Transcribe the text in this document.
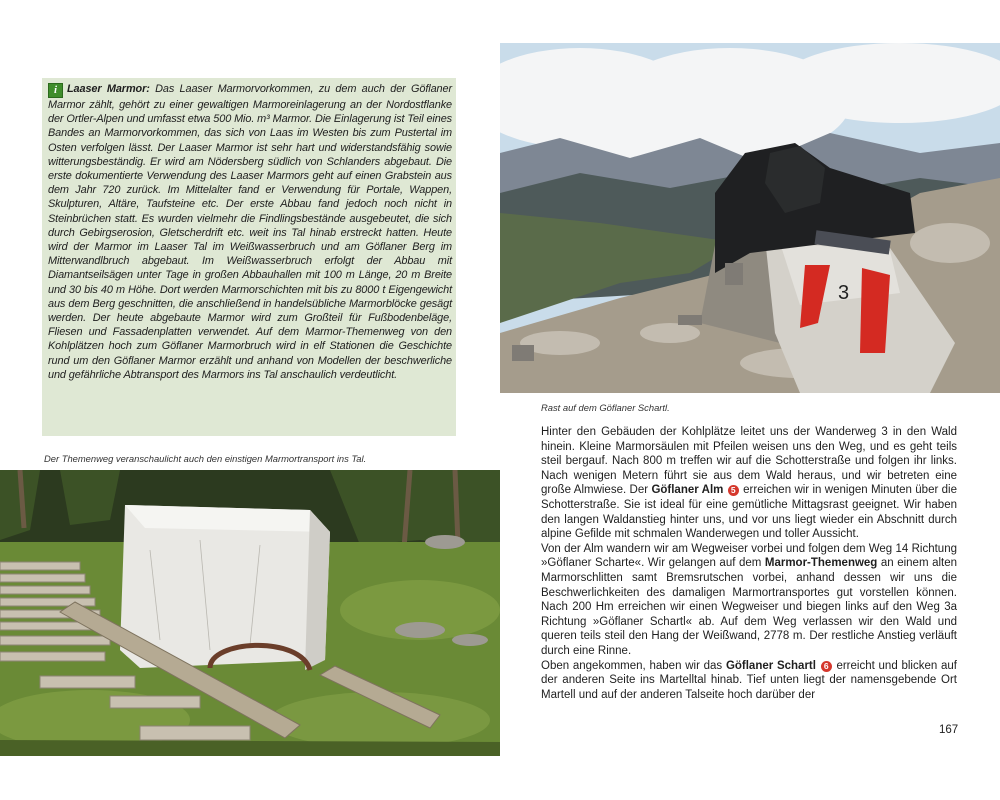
i Laaser Marmor: Das Laaser Marmorvorkommen, zu dem auch der Göflaner Marmor zählt, gehört zu einer gewaltigen Marmoreinlagerung an der Nordostflanke der Ortler-Alpen und umfasst etwa 500 Mio. m³ Marmor. Die Einlagerung ist Teil eines Bandes an Marmorvorkommen, das sich von Laas im Westen bis zum Pustertal im Osten verfolgen lässt. Der Laaser Marmor ist sehr hart und widerstandsfähig sowie witterungsbeständig. Er wird am Nödersberg südlich von Schlanders abgebaut. Die erste dokumentierte Verwendung des Laaser Marmors geht auf einen Grabstein aus dem Jahr 720 zurück. Im Mittelalter fand er Verwendung für Portale, Wappen, Skulpturen, Altäre, Taufsteine etc. Der erste Abbau fand jedoch noch nicht in Steinbrüchen statt. Es wurden vielmehr die Findlingsbestände ausgebeutet, die sich durch Gebirgserosion, Gletscherdrift etc. weit ins Tal hinab erstreckt hatten. Heute wird der Marmor im Laaser Tal im Weißwasserbruch und am Göflaner Berg im Mitterwandlbruch abgebaut. Im Weißwasserbruch erfolgt der Abbau mit Diamantseilsägen unter Tage in großen Abbauhallen mit 100 m Länge, 20 m Breite und 30 bis 40 m Höhe. Dort werden Marmorschichten mit bis zu 8000 t Eigengewicht aus dem Berg geschnitten, die anschließend in handelsübliche Marmorblöcke gesägt werden. Der heute abgebaute Marmor wird zum Großteil für Fußbodenbeläge, Fliesen und Fassadenplatten verwendet. Auf dem Marmor-Themenweg von den Kohlplätzen hoch zum Göflaner Marmorbruch wird in elf Stationen die Geschichte rund um den Göflaner Marmor erzählt und anhand von Modellen der beschwerliche und gefährliche Abtransport des Marmors ins Tal anschaulich verdeutlicht.

Der Themenweg veranschaulicht auch den einstigen Marmortransport ins Tal.
3
Rast auf dem Göflaner Schartl.

Hinter den Gebäuden der Kohlplätze leitet uns der Wanderweg 3 in den Wald hinein. Kleine Marmorsäulen mit Pfeilen weisen uns den Weg, und es geht teils steil bergauf. Nach 800 m treffen wir auf die Schotterstraße und folgen ihr links. Nach wenigen Metern führt sie aus dem Wald heraus, und wir betreten eine große Almwiese. Der Göflaner Alm 5 erreichen wir in wenigen Minuten über die Schotterstraße. Sie ist ideal für eine gemütliche Mittagsrast geeignet. Wir haben den langen Waldanstieg hinter uns, und vor uns liegt wieder ein Abschnitt durch alpine Gefilde mit schmalen Wanderwegen und toller Aussicht.

Von der Alm wandern wir am Wegweiser vorbei und folgen dem Weg 14 Richtung »Göflaner Scharte«. Wir gelangen auf dem Marmor-Themenweg an einem alten Marmorschlitten samt Bremsrutschen vorbei, anhand dessen wir uns die Beschwerlichkeiten des damaligen Marmortransportes gut vorstellen können. Nach 200 Hm erreichen wir einen Wegweiser und biegen links auf den Weg 3a Richtung »Göflaner Schartl« ab. Auf dem Weg verlassen wir den Wald und queren teils steil den Hang der Weißwand, 2778 m. Der restliche Anstieg verläuft durch eine Rinne.

Oben angekommen, haben wir das Göflaner Schartl 6 erreicht und blicken auf der anderen Seite ins Martelltal hinab. Tief unten liegt der namensgebende Ort Martell und auf der anderen Talseite hoch darüber der

167
